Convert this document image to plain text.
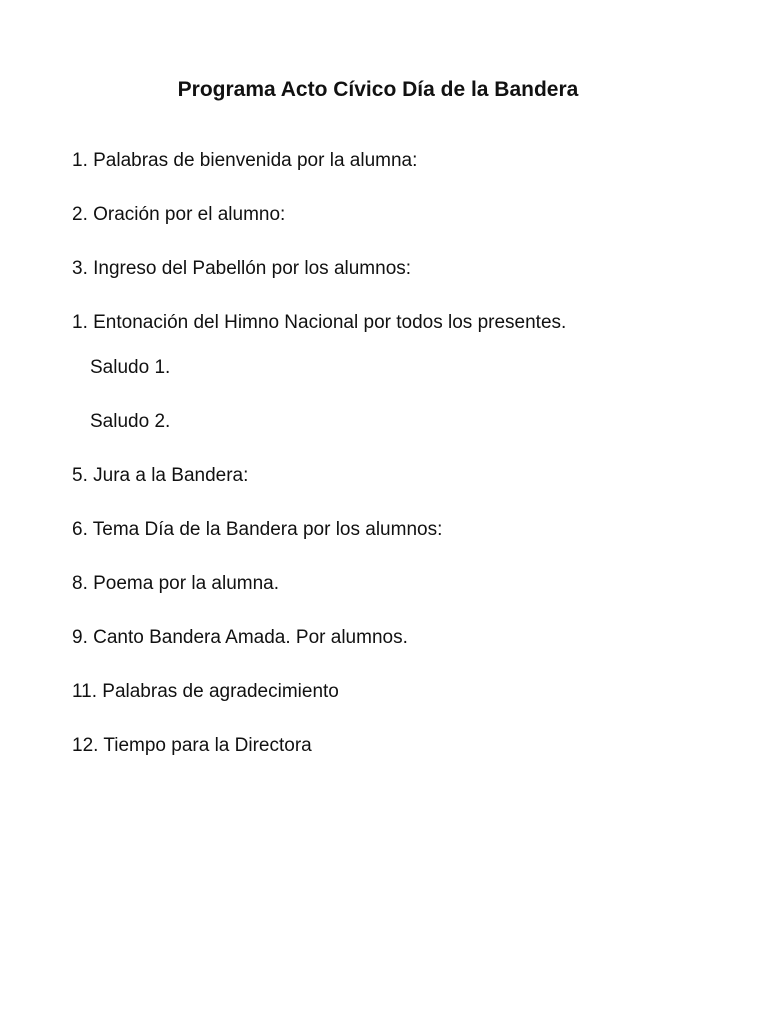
Programa Acto Cívico Día de la Bandera
1. Palabras de bienvenida por la alumna:
2. Oración por el alumno:
3. Ingreso del Pabellón por los alumnos:
1. Entonación del Himno Nacional por todos los presentes.
Saludo 1.
Saludo 2.
5. Jura a la Bandera:
6. Tema Día de la Bandera por los alumnos:
8. Poema por la alumna.
9. Canto Bandera Amada. Por alumnos.
11. Palabras de agradecimiento
12. Tiempo para la Directora
